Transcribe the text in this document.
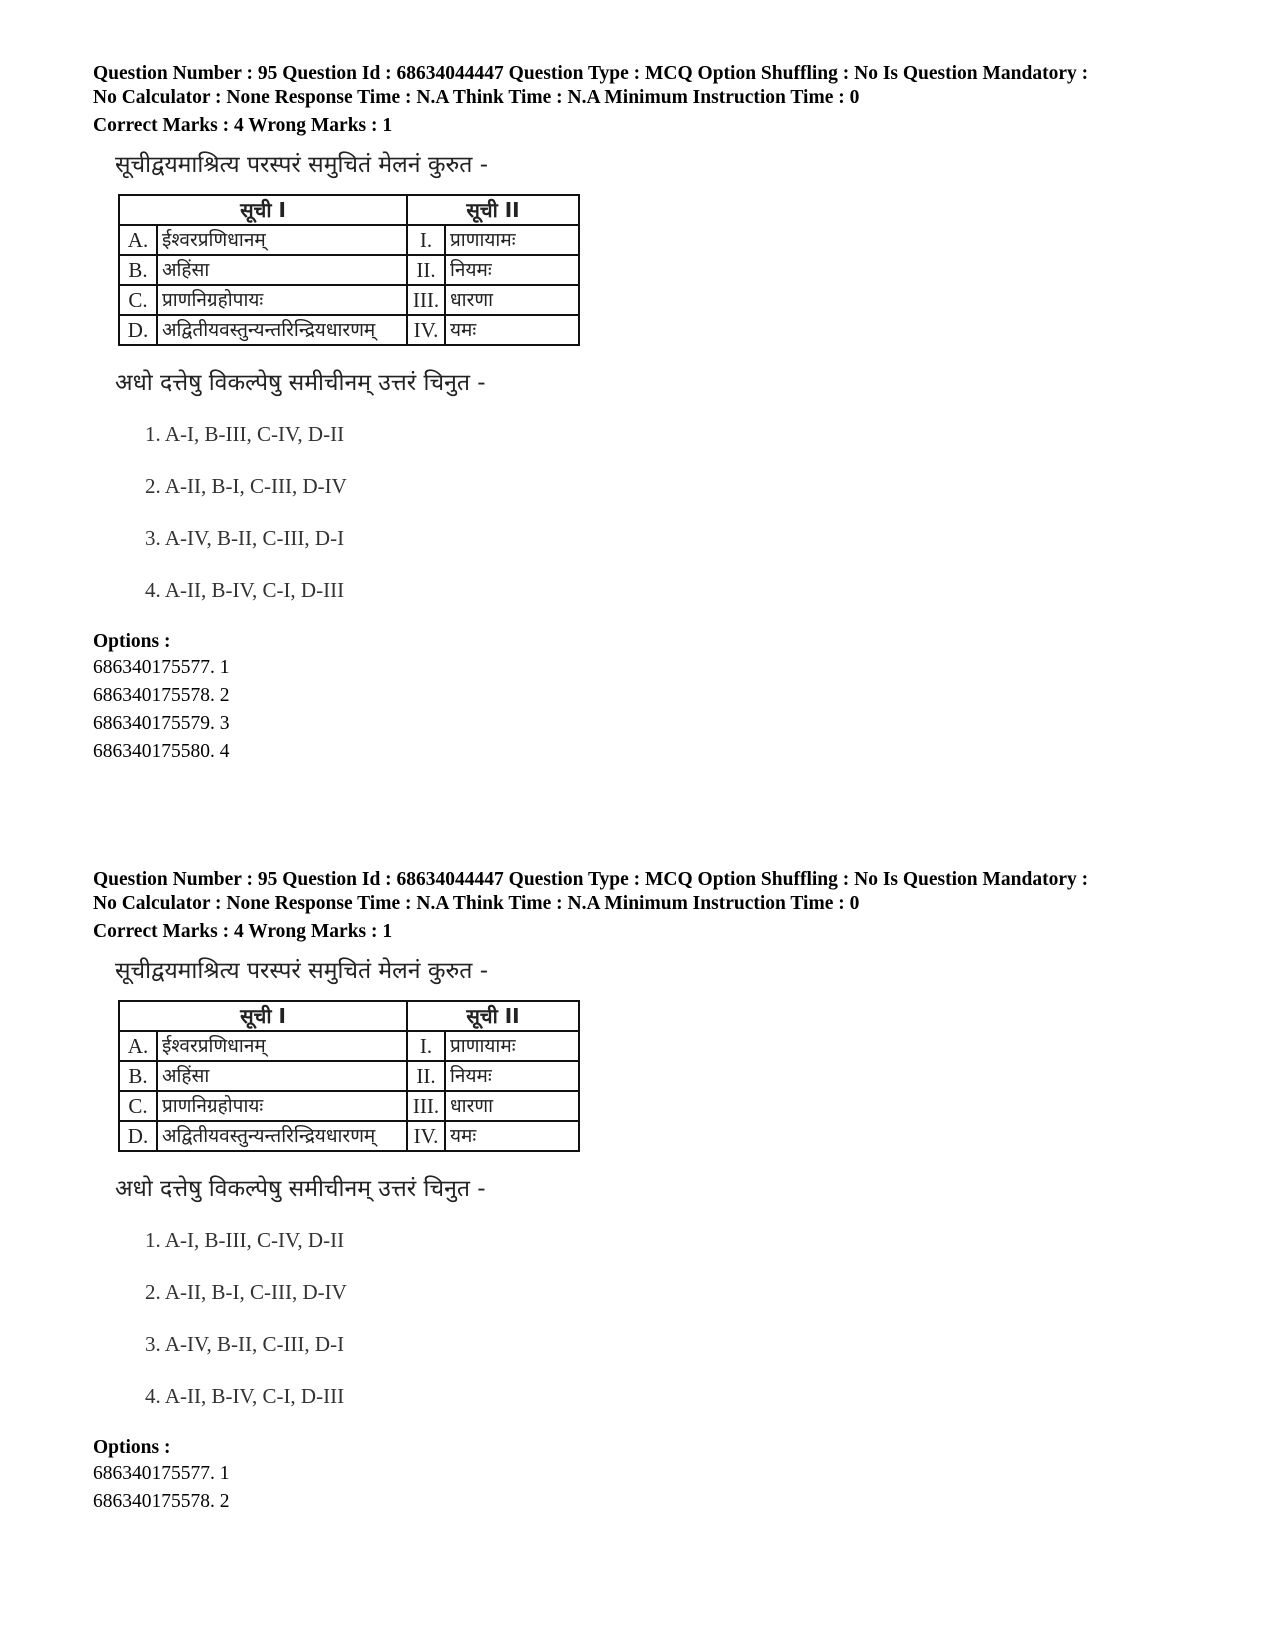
Question Number : 95 Question Id : 68634044447 Question Type : MCQ Option Shuffling : No Is Question Mandatory :
No Calculator : None Response Time : N.A Think Time : N.A Minimum Instruction Time : 0
Correct Marks : 4 Wrong Marks : 1

सूचीद्वयमाश्रित्य परस्परं समुचितं मेलनं कुरुत -

सूची I		सूची II	
A.	ईश्वरप्रणिधानम्	I.	प्राणायामः
B.	अहिंसा	II.	नियमः
C.	प्राणनिग्रहोपायः	III.	धारणा
D.	अद्वितीयवस्तुन्यन्तरिन्द्रियधारणम्	IV.	यमः

अधो दत्तेषु विकल्पेषु समीचीनम् उत्तरं चिनुत -

1. A-I, B-III, C-IV, D-II
2. A-II, B-I, C-III, D-IV
3. A-IV, B-II, C-III, D-I
4. A-II, B-IV, C-I, D-III
Options :
686340175577. 1
686340175578. 2
686340175579. 3
686340175580. 4
Question Number : 95 Question Id : 68634044447 Question Type : MCQ Option Shuffling : No Is Question Mandatory :
No Calculator : None Response Time : N.A Think Time : N.A Minimum Instruction Time : 0
Correct Marks : 4 Wrong Marks : 1

सूचीद्वयमाश्रित्य परस्परं समुचितं मेलनं कुरुत -

सूची I		सूची II	
A.	ईश्वरप्रणिधानम्	I.	प्राणायामः
B.	अहिंसा	II.	नियमः
C.	प्राणनिग्रहोपायः	III.	धारणा
D.	अद्वितीयवस्तुन्यन्तरिन्द्रियधारणम्	IV.	यमः

अधो दत्तेषु विकल्पेषु समीचीनम् उत्तरं चिनुत -

1. A-I, B-III, C-IV, D-II
2. A-II, B-I, C-III, D-IV
3. A-IV, B-II, C-III, D-I
4. A-II, B-IV, C-I, D-III
Options :
686340175577. 1
686340175578. 2
